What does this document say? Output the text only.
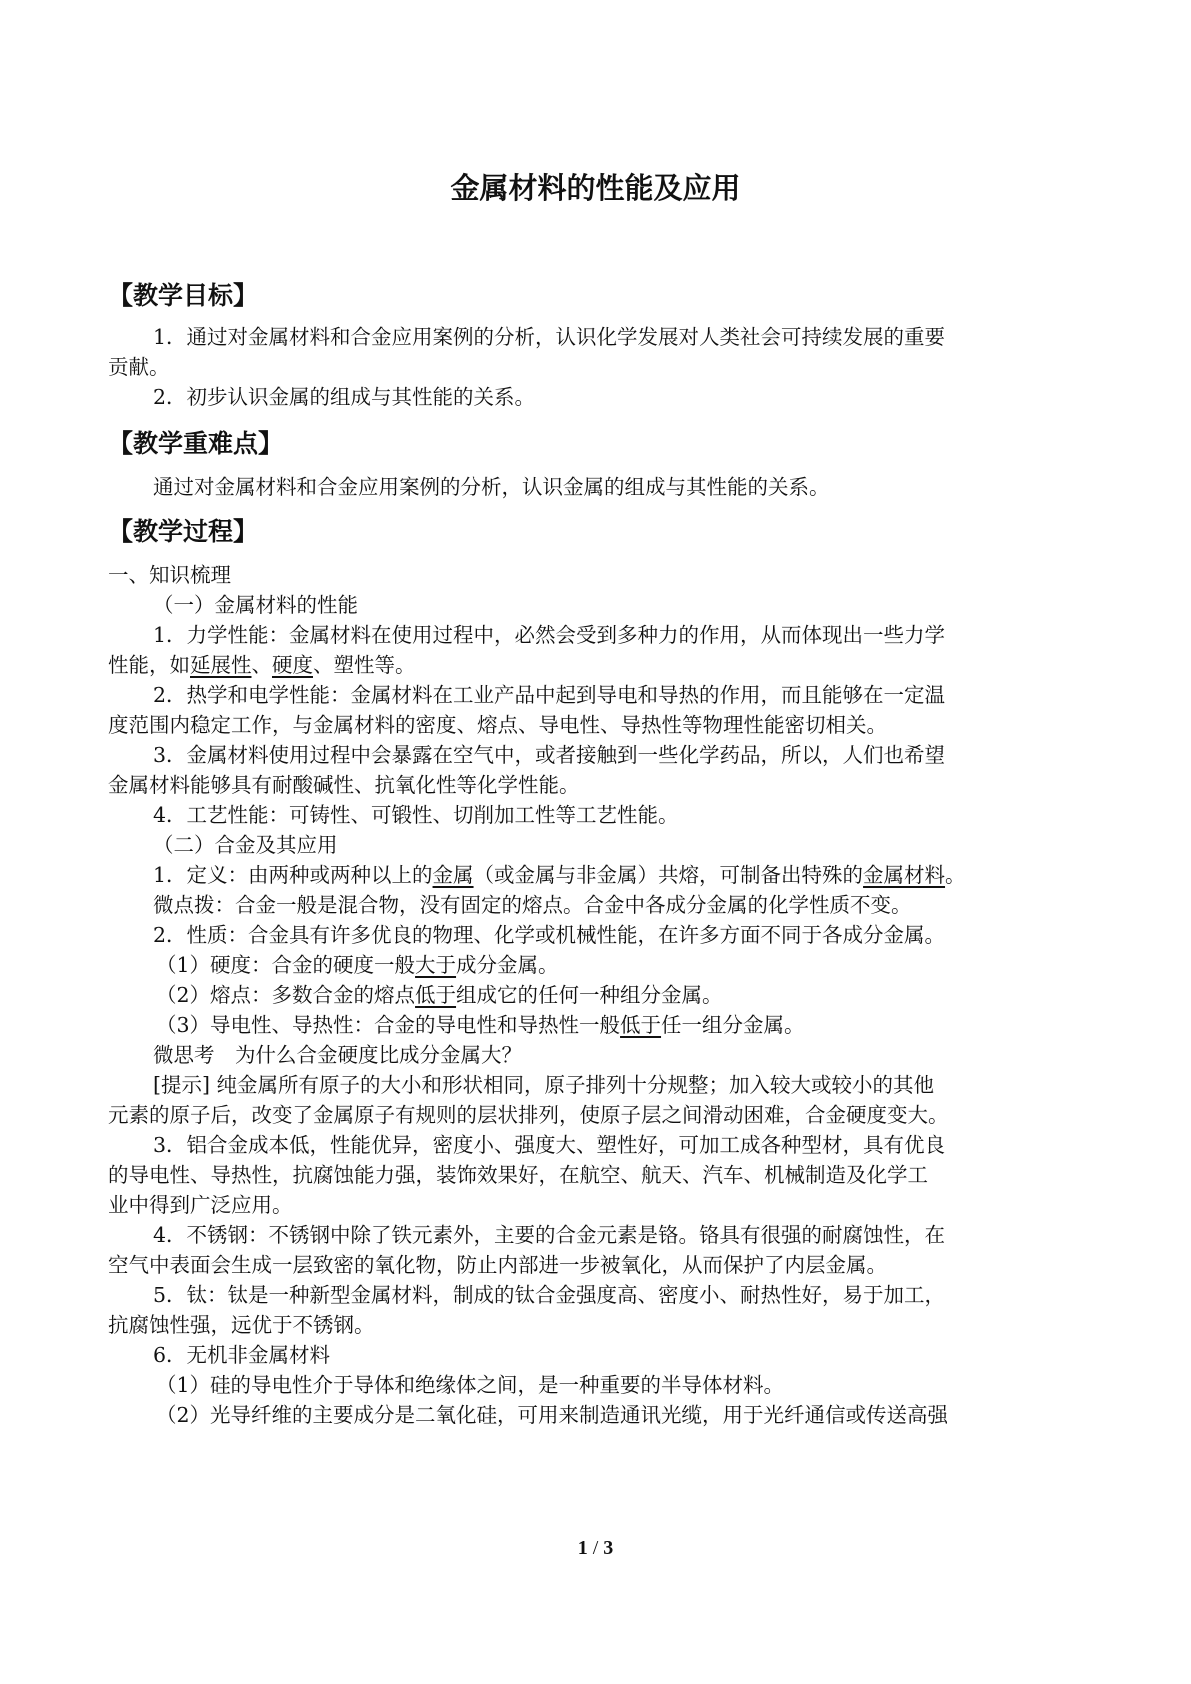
金属材料的性能及应用
【教学目标】
1．通过对金属材料和合金应用案例的分析，认识化学发展对人类社会可持续发展的重要
贡献。
2．初步认识金属的组成与其性能的关系。
【教学重难点】
通过对金属材料和合金应用案例的分析，认识金属的组成与其性能的关系。
【教学过程】
一、知识梳理
（一）金属材料的性能
1．力学性能：金属材料在使用过程中，必然会受到多种力的作用，从而体现出一些力学
性能，如延展性、硬度、塑性等。
2．热学和电学性能：金属材料在工业产品中起到导电和导热的作用，而且能够在一定温
度范围内稳定工作，与金属材料的密度、熔点、导电性、导热性等物理性能密切相关。
3．金属材料使用过程中会暴露在空气中，或者接触到一些化学药品，所以，人们也希望
金属材料能够具有耐酸碱性、抗氧化性等化学性能。
4．工艺性能：可铸性、可锻性、切削加工性等工艺性能。
（二）合金及其应用
1．定义：由两种或两种以上的金属（或金属与非金属）共熔，可制备出特殊的金属材料。
微点拨：合金一般是混合物，没有固定的熔点。合金中各成分金属的化学性质不变。
2．性质：合金具有许多优良的物理、化学或机械性能，在许多方面不同于各成分金属。
（1）硬度：合金的硬度一般大于成分金属。
（2）熔点：多数合金的熔点低于组成它的任何一种组分金属。
（3）导电性、导热性：合金的导电性和导热性一般低于任一组分金属。
微思考　为什么合金硬度比成分金属大？
[提示] 纯金属所有原子的大小和形状相同，原子排列十分规整；加入较大或较小的其他
元素的原子后，改变了金属原子有规则的层状排列，使原子层之间滑动困难，合金硬度变大。
3．铝合金成本低，性能优异，密度小、强度大、塑性好，可加工成各种型材，具有优良
的导电性、导热性，抗腐蚀能力强，装饰效果好，在航空、航天、汽车、机械制造及化学工
业中得到广泛应用。
4．不锈钢：不锈钢中除了铁元素外，主要的合金元素是铬。铬具有很强的耐腐蚀性，在
空气中表面会生成一层致密的氧化物，防止内部进一步被氧化，从而保护了内层金属。
5．钛：钛是一种新型金属材料，制成的钛合金强度高、密度小、耐热性好，易于加工，
抗腐蚀性强，远优于不锈钢。
6．无机非金属材料
（1）硅的导电性介于导体和绝缘体之间，是一种重要的半导体材料。
（2）光导纤维的主要成分是二氧化硅，可用来制造通讯光缆，用于光纤通信或传送高强
1 / 3
